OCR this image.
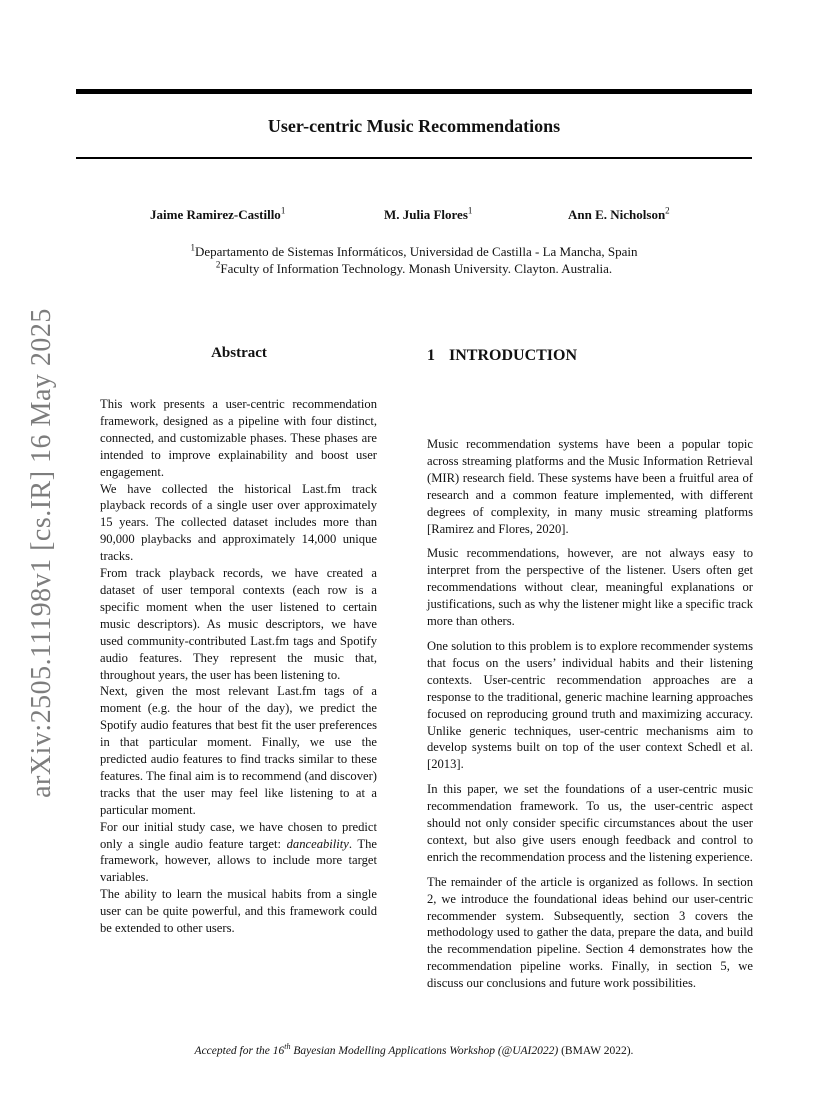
arXiv:2505.11198v1 [cs.IR] 16 May 2025
User-centric Music Recommendations
Jaime Ramirez-Castillo$^1$	M. Julia Flores$^1$	Ann E. Nicholson$^2$
$^1$Departamento de Sistemas Informáticos, Universidad de Castilla - La Mancha, Spain
$^2$Faculty of Information Technology. Monash University. Clayton. Australia.
Abstract

This work presents a user-centric recommendation framework, designed as a pipeline with four distinct, connected, and customizable phases. These phases are intended to improve explainability and boost user engagement.

We have collected the historical Last.fm track playback records of a single user over approximately 15 years. The collected dataset includes more than 90,000 playbacks and approximately 14,000 unique tracks.

From track playback records, we have created a dataset of user temporal contexts (each row is a specific moment when the user listened to certain music descriptors). As music descriptors, we have used community-contributed Last.fm tags and Spotify audio features. They represent the music that, throughout years, the user has been listening to.

Next, given the most relevant Last.fm tags of a moment (e.g. the hour of the day), we predict the Spotify audio features that best fit the user preferences in that particular moment. Finally, we use the predicted audio features to find tracks similar to these features. The final aim is to recommend (and discover) tracks that the user may feel like listening to at a particular moment.

For our initial study case, we have chosen to predict only a single audio feature target: danceability. The framework, however, allows to include more target variables.

The ability to learn the musical habits from a single user can be quite powerful, and this framework could be extended to other users.

1 INTRODUCTION

Music recommendation systems have been a popular topic across streaming platforms and the Music Information Retrieval (MIR) research field. These systems have been a fruitful area of research and a common feature implemented, with different degrees of complexity, in many music streaming platforms [Ramirez and Flores, 2020].

Music recommendations, however, are not always easy to interpret from the perspective of the listener. Users often get recommendations without clear, meaningful explanations or justifications, such as why the listener might like a specific track more than others.

One solution to this problem is to explore recommender systems that focus on the users’ individual habits and their listening contexts. User-centric recommendation approaches are a response to the traditional, generic machine learning approaches focused on reproducing ground truth and maximizing accuracy. Unlike generic techniques, user-centric mechanisms aim to develop systems built on top of the user context Schedl et al. [2013].

In this paper, we set the foundations of a user-centric music recommendation framework. To us, the user-centric aspect should not only consider specific circumstances about the user context, but also give users enough feedback and control to enrich the recommendation process and the listening experience.

The remainder of the article is organized as follows. In section 2, we introduce the foundational ideas behind our user-centric recommender system. Subsequently, section 3 covers the methodology used to gather the data, prepare the data, and build the recommendation pipeline. Section 4 demonstrates how the recommendation pipeline works. Finally, in section 5, we discuss our conclusions and future work possibilities.

Accepted for the 16th Bayesian Modelling Applications Workshop (@UAI2022) (BMAW 2022).
